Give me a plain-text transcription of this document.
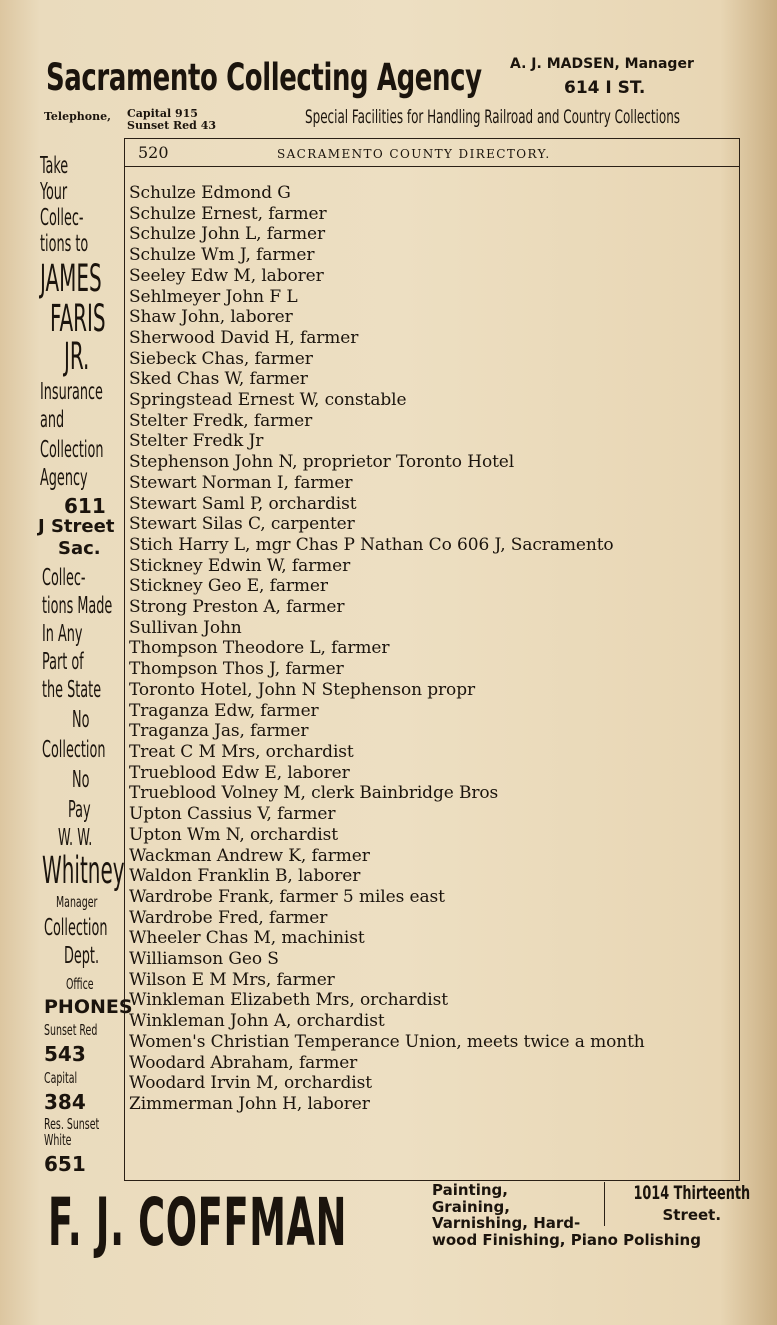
Sacramento Collecting Agency A. J. MADSEN, Manager
614 I ST.
Telephone, Capital 915
Sunset Red 43	Special Facilities for Handling Railroad and Country Collections
520	SACRAMENTO COUNTY DIRECTORY.
Schulze Edmond G
Schulze Ernest, farmer
Schulze John L, farmer
Schulze Wm J, farmer
Seeley Edw M, laborer
Sehlmeyer John F L
Shaw John, laborer
Sherwood David H, farmer
Siebeck Chas, farmer
Sked Chas W, farmer
Springstead Ernest W, constable
Stelter Fredk, farmer
Stelter Fredk Jr
Stephenson John N, proprietor Toronto Hotel
Stewart Norman I, farmer
Stewart Saml P, orchardist
Stewart Silas C, carpenter
Stich Harry L, mgr Chas P Nathan Co 606 J, Sacramento
Stickney Edwin W, farmer
Stickney Geo E, farmer
Strong Preston A, farmer
Sullivan John
Thompson Theodore L, farmer
Thompson Thos J, farmer
Toronto Hotel, John N Stephenson propr
Traganza Edw, farmer
Traganza Jas, farmer
Treat C M Mrs, orchardist
Trueblood Edw E, laborer
Trueblood Volney M, clerk Bainbridge Bros
Upton Cassius V, farmer
Upton Wm N, orchardist
Wackman Andrew K, farmer
Waldon Franklin B, laborer
Wardrobe Frank, farmer 5 miles east
Wardrobe Fred, farmer
Wheeler Chas M, machinist
Williamson Geo S
Wilson E M Mrs, farmer
Winkleman Elizabeth Mrs, orchardist
Winkleman John A, orchardist
Women's Christian Temperance Union, meets twice a month
Woodard Abraham, farmer
Woodard Irvin M, orchardist
Zimmerman John H, laborer
Take
Your
Collec-
tions to
JAMES
FARIS
JR.
Insurance
and
Collection
Agency
611
J Street
Sac.
Collec-
tions Made
In Any
Part of
the State
No
Collection
No
Pay
W. W.
Whitney
Manager
Collection
Dept.
Office
PHONES
Sunset Red
543
Capital
384
Res. Sunset
White
651
F. J. COFFMAN	Painting,
Graining,
Varnishing, Hard-
wood Finishing, Piano Polishing
1014 Thirteenth
Street.
